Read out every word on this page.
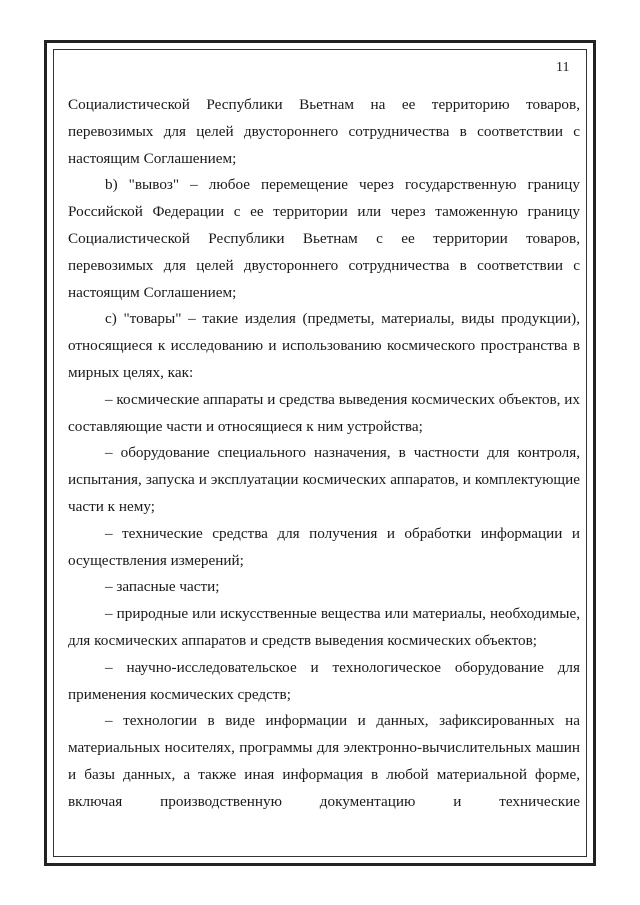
11

Социалистической Республики Вьетнам на ее территорию товаров, перевозимых для целей двустороннего сотрудничества в соответствии с настоящим Соглашением;

b) "вывоз" – любое перемещение через государственную границу Российской Федерации с ее территории или через таможенную границу Социалистической Республики Вьетнам с ее территории товаров, перевозимых для целей двустороннего сотрудничества в соответствии с настоящим Соглашением;

c) "товары" – такие изделия (предметы, материалы, виды продукции), относящиеся к исследованию и использованию космического пространства в мирных целях, как:

– космические аппараты и средства выведения космических объектов, их составляющие части и относящиеся к ним устройства;

– оборудование специального назначения, в частности для контроля, испытания, запуска и эксплуатации космических аппаратов, и комплектующие части к нему;

– технические средства для получения и обработки информации и осуществления измерений;

– запасные части;

– природные или искусственные вещества или материалы, необходимые, для космических аппаратов и средств выведения космических объектов;

– научно-исследовательское и технологическое оборудование для применения космических средств;

– технологии в виде информации и данных, зафиксированных на материальных носителях, программы для электронно-вычислительных машин и базы данных, а также иная информация в любой материальной форме, включая производственную документацию и технические
